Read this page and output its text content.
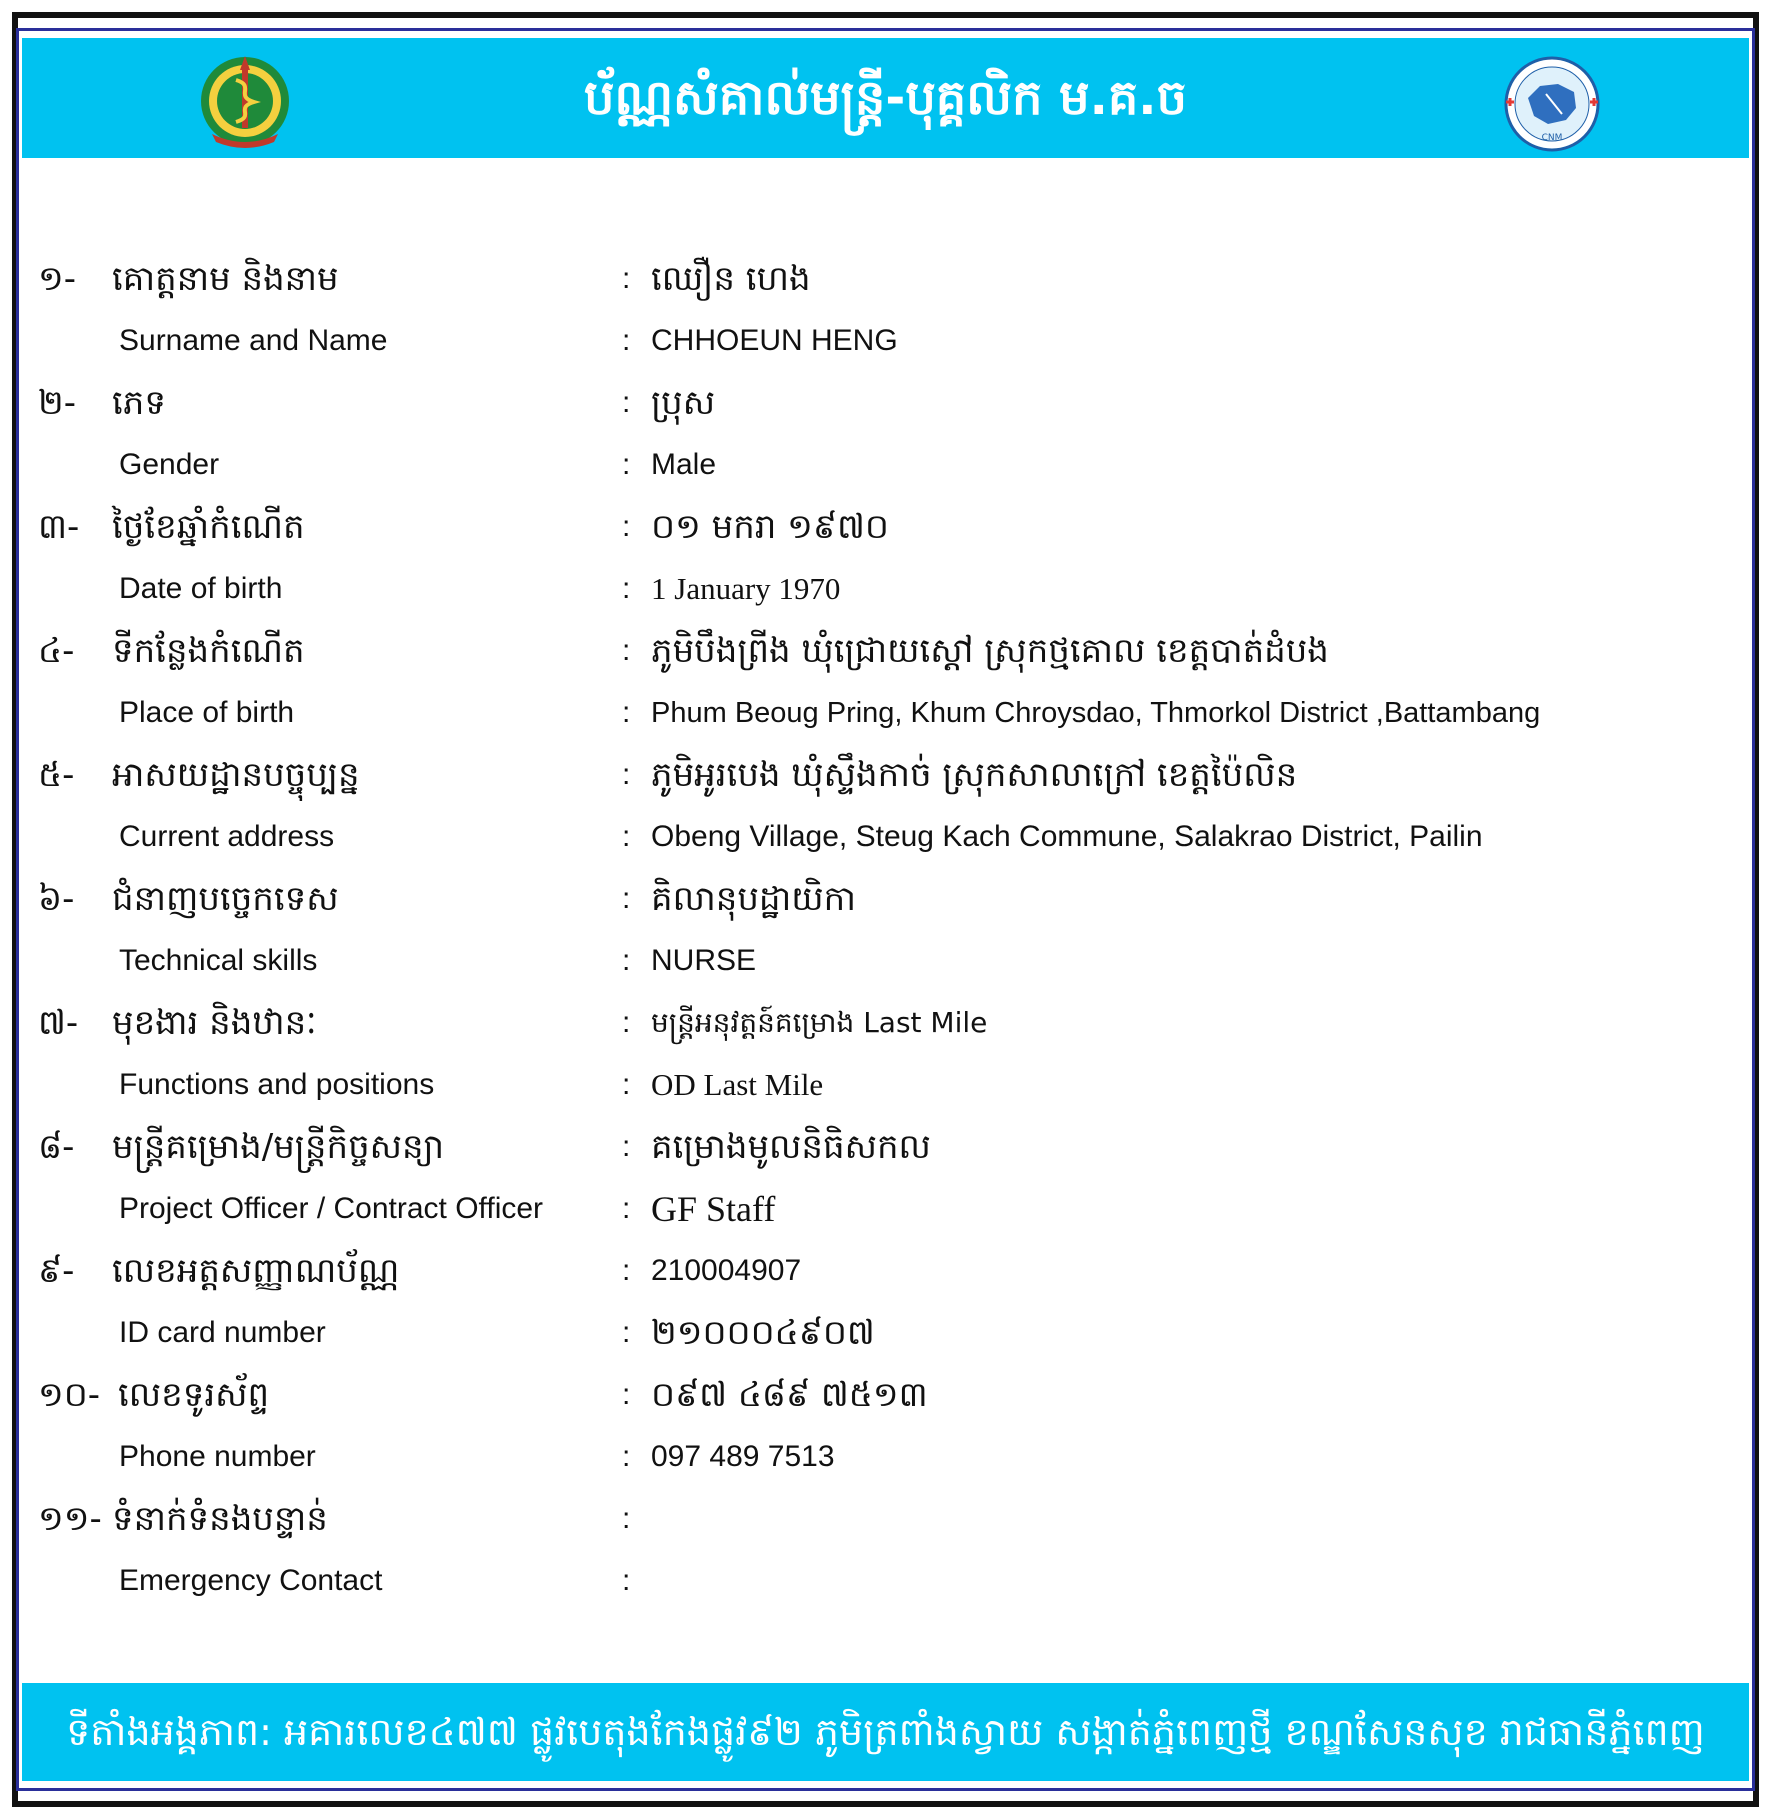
ប័ណ្ណសំគាល់មន្ត្រី-បុគ្គលិក ម.គ.ច
CNM
១- គោត្តនាម និងនាម	: ឈឿន ហេង
Surname and Name	: CHHOEUN HENG
២- ភេទ	: ប្រុស
Gender	: Male
៣- ថ្ងៃខែឆ្នាំកំណើត	: ០១ មករា ១៩៧០
Date of birth	: 1 January 1970
៤- ទីកន្លែងកំណើត	: ភូមិបឹងព្រីង ឃុំជ្រោយស្ដៅ ស្រុកថ្មគោល ខេត្តបាត់ដំបង
Place of birth	: Phum Beoug Pring, Khum Chroysdao, Thmorkol District ,Battambang
៥- អាសយដ្ឋានបច្ចុប្បន្ន	: ភូមិអូរបេង ឃុំស្ទឹងកាច់ ស្រុកសាលាក្រៅ ខេត្តប៉ៃលិន
Current address	: Obeng Village, Steug Kach Commune, Salakrao District, Pailin
៦- ជំនាញបច្ចេកទេស	: គិលានុបដ្ឋាយិកា
Technical skills	: NURSE
៧- មុខងារ និងឋានៈ	: មន្ត្រីអនុវត្តន៍គម្រោង Last Mile
Functions and positions	: OD Last Mile
៨- មន្ត្រីគម្រោង/មន្ត្រីកិច្ចសន្យា	: គម្រោងមូលនិធិសកល
Project Officer / Contract Officer	: GF Staff
៩- លេខអត្តសញ្ញាណប័ណ្ណ	: 210004907
ID card number	: ២១០០០៤៩០៧
១០- លេខទូរស័ព្ទ	: ០៩៧ ៤៨៩ ៧៥១៣
Phone number	: 097 489 7513
១១- ទំនាក់ទំនងបន្ទាន់	:
Emergency Contact	:
ទីតាំងអង្គភាព: អគារលេខ៤៧៧ ផ្លូវបេតុងកែងផ្លូវ៩២ ភូមិត្រពាំងស្វាយ សង្កាត់ភ្នំពេញថ្មី ខណ្ឌសែនសុខ រាជធានីភ្នំពេញ
